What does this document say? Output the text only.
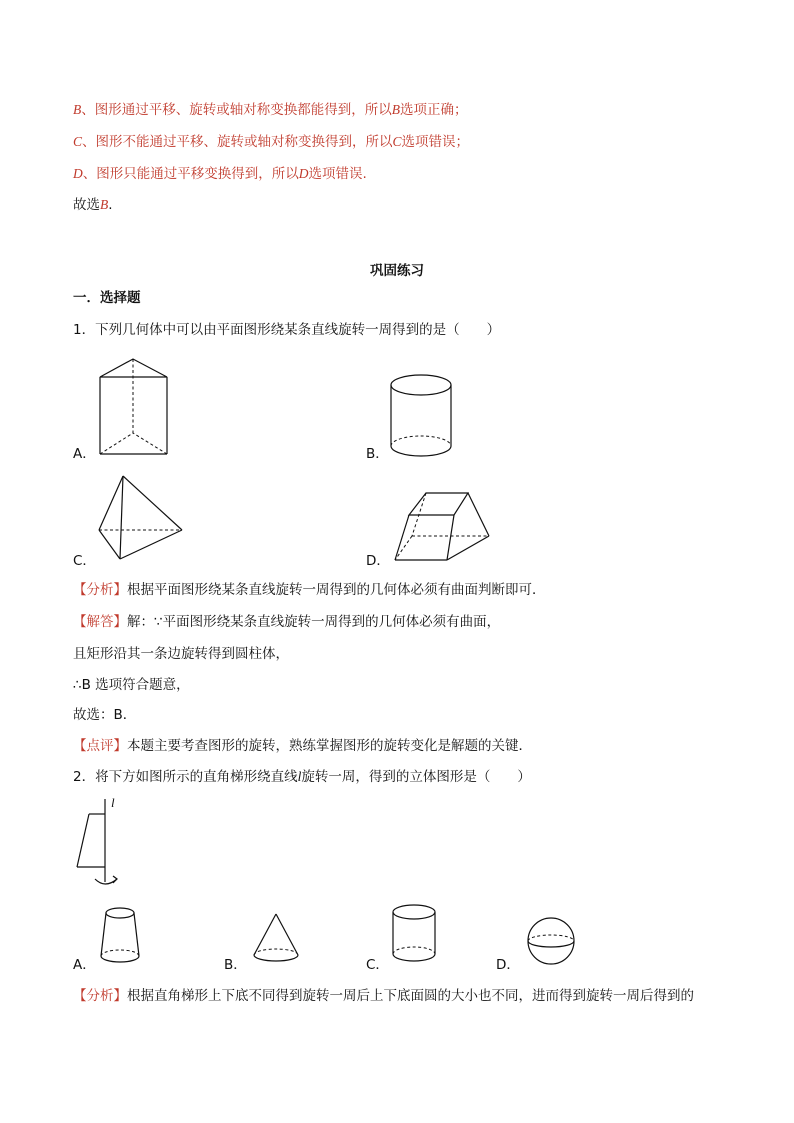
B、图形通过平移、旋转或轴对称变换都能得到，所以B选项正确；
C、图形不能通过平移、旋转或轴对称变换得到，所以C选项错误；
D、图形只能通过平移变换得到，所以D选项错误.
故选B.
巩固练习
一．选择题
1．下列几何体中可以由平面图形绕某条直线旋转一周得到的是（　　）
A．	B．
C．	D．
【分析】根据平面图形绕某条直线旋转一周得到的几何体必须有曲面判断即可．
【解答】解：∵平面图形绕某条直线旋转一周得到的几何体必须有曲面，
且矩形沿其一条边旋转得到圆柱体，
∴B 选项符合题意，
故选：B．
【点评】本题主要考查图形的旋转，熟练掌握图形的旋转变化是解题的关键．
2．将下方如图所示的直角梯形绕直线l旋转一周，得到的立体图形是（　　）
l
A．	B．	C．	D．
【分析】根据直角梯形上下底不同得到旋转一周后上下底面圆的大小也不同，进而得到旋转一周后得到的
